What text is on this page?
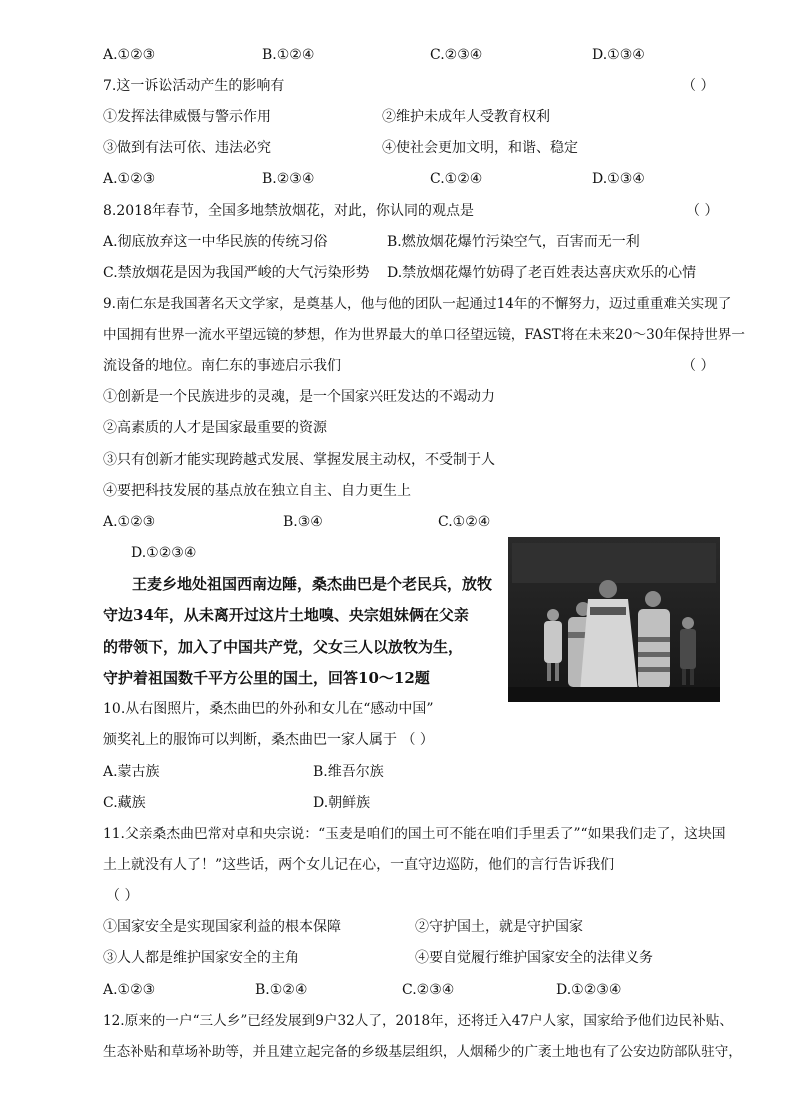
A.①②③	B.①②④	C.②③④	D.①③④
7.这一诉讼活动产生的影响有	（ ）
①发挥法律威慑与警示作用	②维护未成年人受教育权利
③做到有法可依、违法必究	④使社会更加文明，和谐、稳定
A.①②③	B.②③④	C.①②④	D.①③④
8.2018年春节，全国多地禁放烟花，对此，你认同的观点是	（ ）
A.彻底放弃这一中华民族的传统习俗	B.燃放烟花爆竹污染空气，百害而无一利
C.禁放烟花是因为我国严峻的大气污染形势 D.禁放烟花爆竹妨碍了老百姓表达喜庆欢乐的心情
9.南仁东是我国著名天文学家，是奠基人，他与他的团队一起通过14年的不懈努力，迈过重重难关实现了
中国拥有世界一流水平望远镜的梦想，作为世界最大的单口径望远镜，FAST将在未来20～30年保持世界一
流设备的地位。南仁东的事迹启示我们	（ ）
①创新是一个民族进步的灵魂，是一个国家兴旺发达的不竭动力
②高素质的人才是国家最重要的资源
③只有创新才能实现跨越式发展、掌握发展主动权，不受制于人
④要把科技发展的基点放在独立自主、自力更生上
A.①②③	B.③④	C.①②④
D.①②③④
王麦乡地处祖国西南边陲，桑杰曲巴是个老民兵，放牧
守边34年，从未离开过这片土地嗅、央宗姐妹俩在父亲
的带领下，加入了中国共产党，父女三人以放牧为生，
守护着祖国数千平方公里的国土，回答10～12题
10.从右图照片，桑杰曲巴的外孙和女儿在“感动中国”
颁奖礼上的服饰可以判断，桑杰曲巴一家人属于 （ ）
A.蒙古族	B.维吾尔族
C.藏族	D.朝鲜族
11.父亲桑杰曲巴常对卓和央宗说：“玉麦是咱们的国土可不能在咱们手里丢了”“如果我们走了，这块国
土上就没有人了！”这些话，两个女儿记在心，一直守边巡防，他们的言行告诉我们
（ ）
①国家安全是实现国家利益的根本保障	②守护国土，就是守护国家
③人人都是维护国家安全的主角	④要自觉履行维护国家安全的法律义务
A.①②③	B.①②④	C.②③④	D.①②③④
12.原来的一户“三人乡”已经发展到9户32人了，2018年，还将迁入47户人家，国家给予他们边民补贴、
生态补贴和草场补助等，并且建立起完备的乡级基层组织，人烟稀少的广袤土地也有了公安边防部队驻守，
